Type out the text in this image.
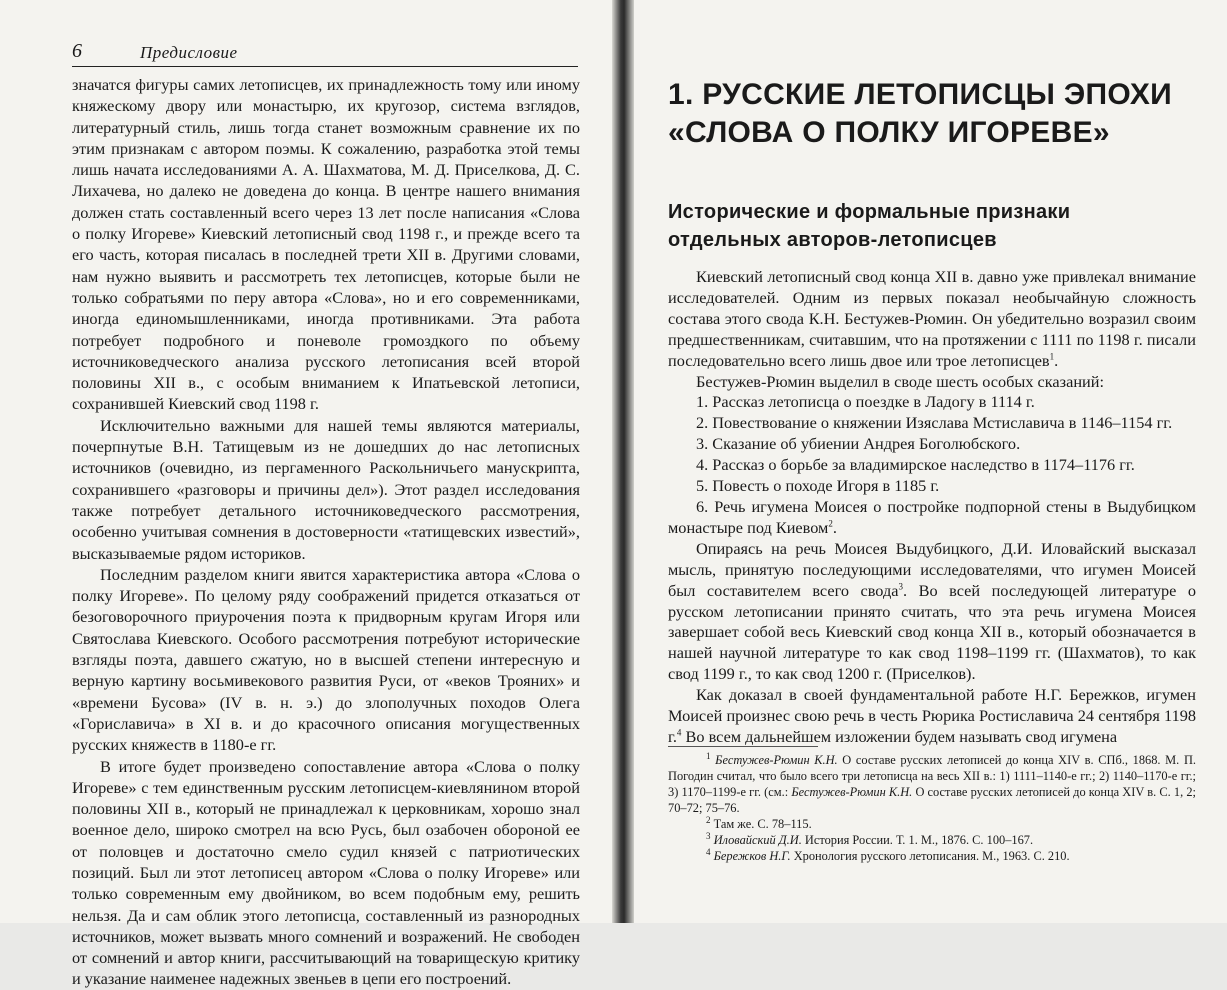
6	Предисловие

значатся фигуры самих летописцев, их принадлежность тому или иному княжескому двору или монастырю, их кругозор, система взглядов, литературный стиль, лишь тогда станет возможным сравнение их по этим признакам с автором поэмы. К сожалению, разработка этой темы лишь начата исследованиями А. А. Шахматова, М. Д. Приселкова, Д. С. Лихачева, но далеко не доведена до конца. В центре нашего внимания должен стать составленный всего через 13 лет после написания «Слова о полку Игореве» Киевский летописный свод 1198 г., и прежде всего та его часть, которая писалась в последней трети XII в. Другими словами, нам нужно выявить и рассмотреть тех летописцев, которые были не только собратьями по перу автора «Слова», но и его современниками, иногда единомышленниками, иногда противниками. Эта работа потребует подробного и поневоле громоздкого по объему источниковедческого анализа русского летописания всей второй половины XII в., с особым вниманием к Ипатьевской летописи, сохранившей Киевский свод 1198 г.

Исключительно важными для нашей темы являются материалы, почерпнутые В.Н. Татищевым из не дошедших до нас летописных источников (очевидно, из пергаменного Раскольничьего манускрипта, сохранившего «разговоры и причины дел»). Этот раздел исследования также потребует детального источниковедческого рассмотрения, особенно учитывая сомнения в достоверности «татищевских известий», высказываемые рядом историков.

Последним разделом книги явится характеристика автора «Слова о полку Игореве». По целому ряду соображений придется отказаться от безоговорочного приурочения поэта к придворным кругам Игоря или Святослава Киевского. Особого рассмотрения потребуют исторические взгляды поэта, давшего сжатую, но в высшей степени интересную и верную картину восьмивекового развития Руси, от «веков Трояних» и «времени Бусова» (IV в. н. э.) до злополучных походов Олега «Гориславича» в XI в. и до красочного описания могущественных русских княжеств в 1180-е гг.

В итоге будет произведено сопоставление автора «Слова о полку Игореве» с тем единственным русским летописцем-киевлянином второй половины XII в., который не принадлежал к церковникам, хорошо знал военное дело, широко смотрел на всю Русь, был озабочен обороной ее от половцев и достаточно смело судил князей с патриотических позиций. Был ли этот летописец автором «Слова о полку Игореве» или только современным ему двойником, во всем подобным ему, решить нельзя. Да и сам облик этого летописца, составленный из разнородных источников, может вызвать много сомнений и возражений. Не свободен от сомнений и автор книги, рассчитывающий на товарищескую критику и указание наименее надежных звеньев в цепи его построений.

1. РУССКИЕ ЛЕТОПИСЦЫ ЭПОХИ «СЛОВА О ПОЛКУ ИГОРЕВЕ»
Исторические и формальные признаки отдельных авторов-летописцев

Киевский летописный свод конца XII в. давно уже привлекал внимание исследователей. Одним из первых показал необычайную сложность состава этого свода К.Н. Бестужев-Рюмин. Он убедительно возразил своим предшественникам, считавшим, что на протяжении с 1111 по 1198 г. писали последовательно всего лишь двое или трое летописцев$^1$.

Бестужев-Рюмин выделил в своде шесть особых сказаний:

1. Рассказ летописца о поездке в Ладогу в 1114 г.

2. Повествование о княжении Изяслава Мстиславича в 1146–1154 гг.

3. Сказание об убиении Андрея Боголюбского.

4. Рассказ о борьбе за владимирское наследство в 1174–1176 гг.

5. Повесть о походе Игоря в 1185 г.

6. Речь игумена Моисея о постройке подпорной стены в Выдубицком монастыре под Киевом$^2$.

Опираясь на речь Моисея Выдубицкого, Д.И. Иловайский высказал мысль, принятую последующими исследователями, что игумен Моисей был составителем всего свода$^3$. Во всей последующей литературе о русском летописании принято считать, что эта речь игумена Моисея завершает собой весь Киевский свод конца XII в., который обозначается в нашей научной литературе то как свод 1198–1199 гг. (Шахматов), то как свод 1199 г., то как свод 1200 г. (Приселков).

Как доказал в своей фундаментальной работе Н.Г. Бережков, игумен Моисей произнес свою речь в честь Рюрика Ростиславича 24 сентября 1198 г.$^4$ Во всем дальнейшем изложении будем называть свод игумена

$^1$ Бестужев-Рюмин К.Н. О составе русских летописей до конца XIV в. СПб., 1868. М. П. Погодин считал, что было всего три летописца на весь XII в.: 1) 1111–1140-е гг.; 2) 1140–1170-е гг.; 3) 1170–1199-е гг. (см.: Бестужев-Рюмин К.Н. О составе русских летописей до конца XIV в. С. 1, 2; 70–72; 75–76.

$^2$ Там же. С. 78–115.

$^3$ Иловайский Д.И. История России. Т. 1. М., 1876. С. 100–167.

$^4$ Бережков Н.Г. Хронология русского летописания. М., 1963. С. 210.
